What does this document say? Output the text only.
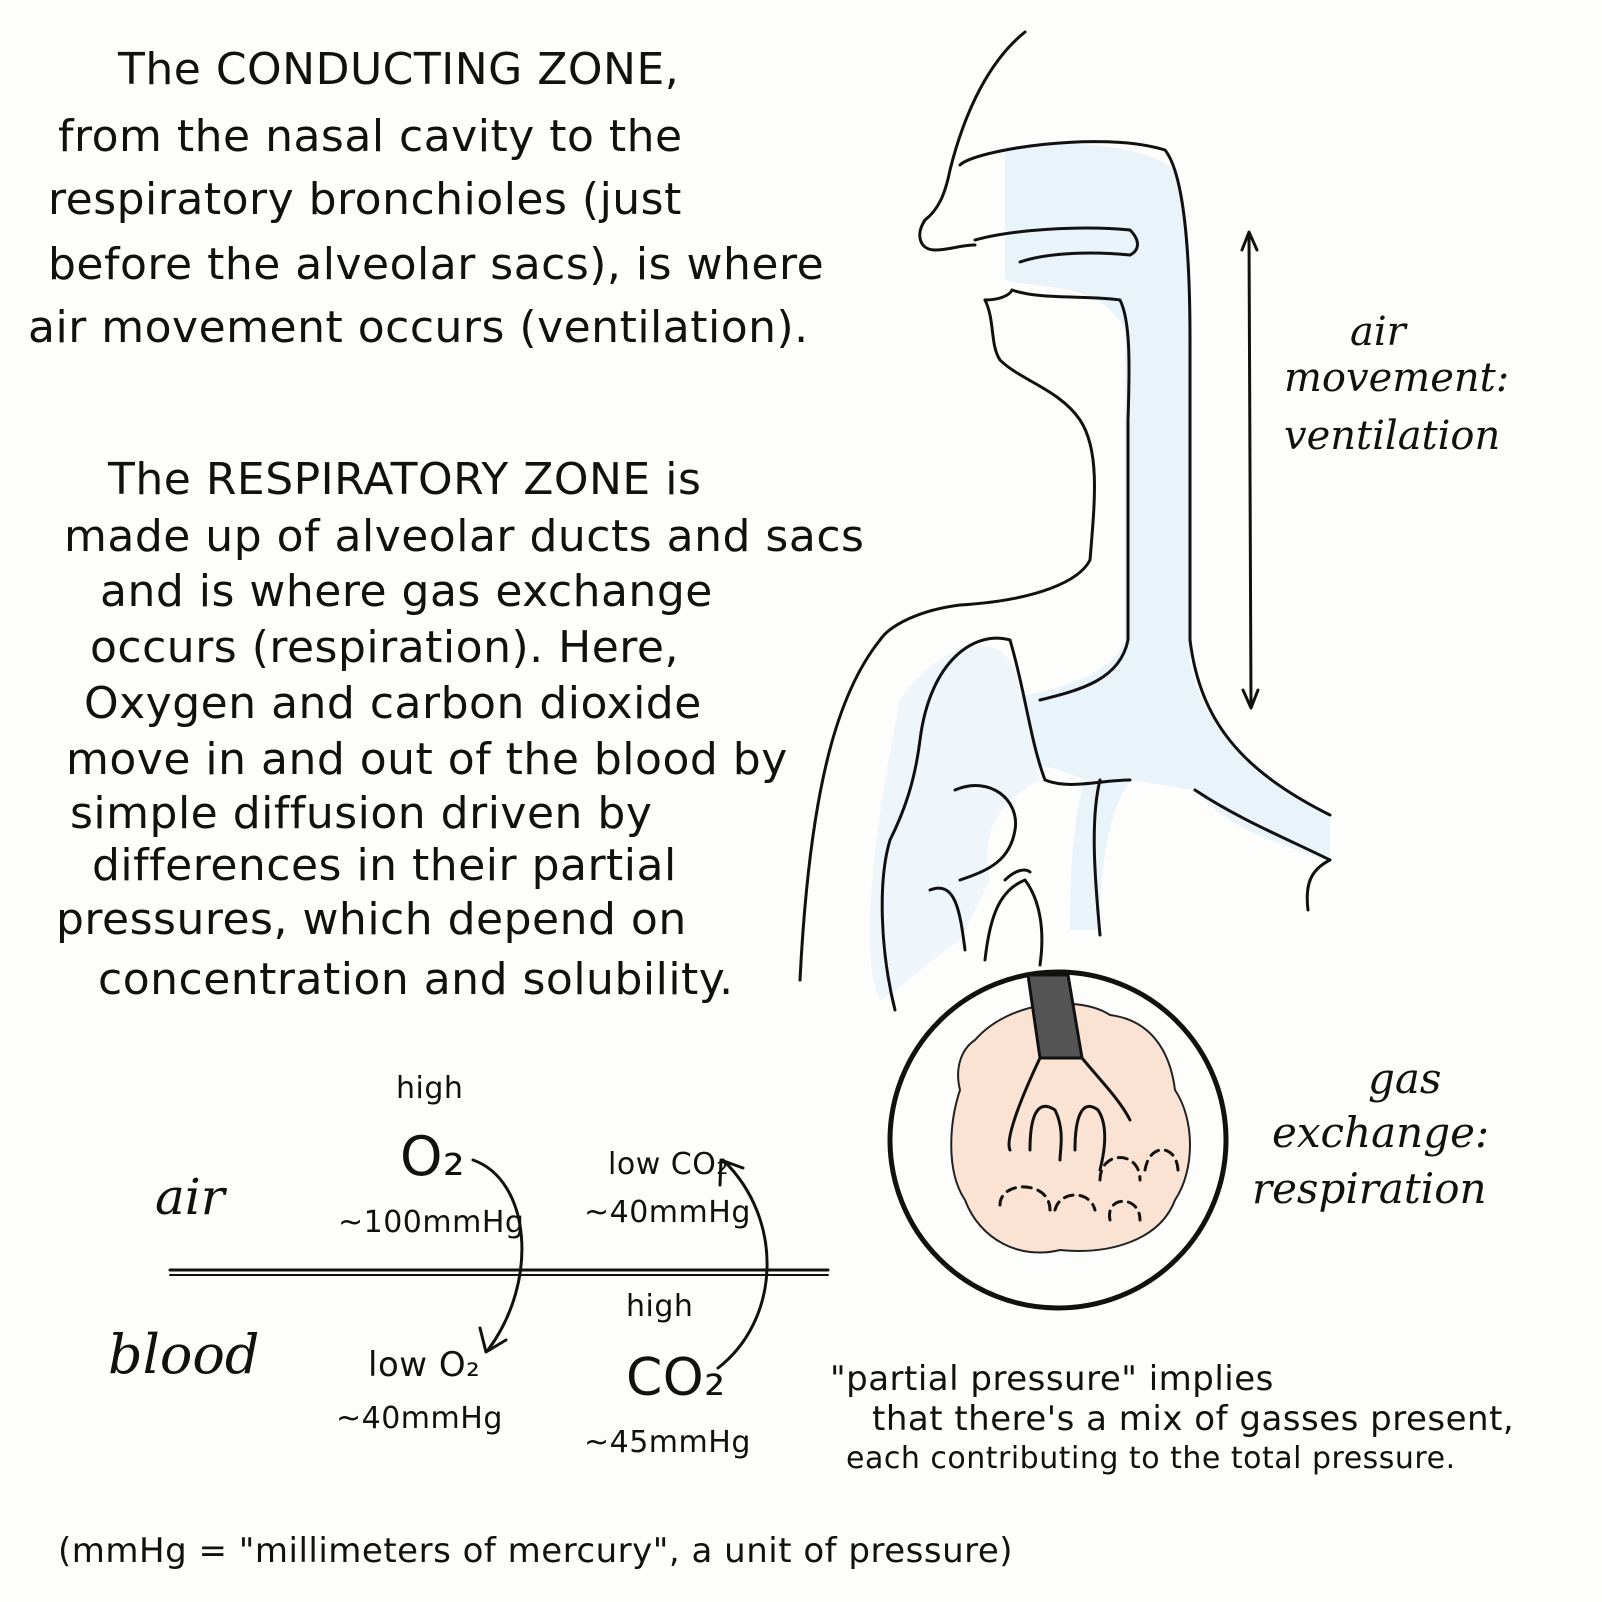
The CONDUCTING ZONE,
from the nasal cavity to the
respiratory bronchioles (just
before the alveolar sacs), is where
air movement occurs (ventilation).
The RESPIRATORY ZONE is
made up of alveolar ducts and sacs
and is where gas exchange
occurs (respiration). Here,
Oxygen and carbon dioxide
move in and out of the blood by
simple diffusion driven by
differences in their partial
pressures, which depend on
concentration and solubility.
air
movement:
ventilation
gas
exchange:
respiration
air
blood
high
O₂
~100mmHg
low CO₂
~40mmHg
low O₂
~40mmHg
high
CO₂
~45mmHg
"partial pressure" implies
that there's a mix of gasses present,
each contributing to the total pressure.
(mmHg = "millimeters of mercury", a unit of pressure)
